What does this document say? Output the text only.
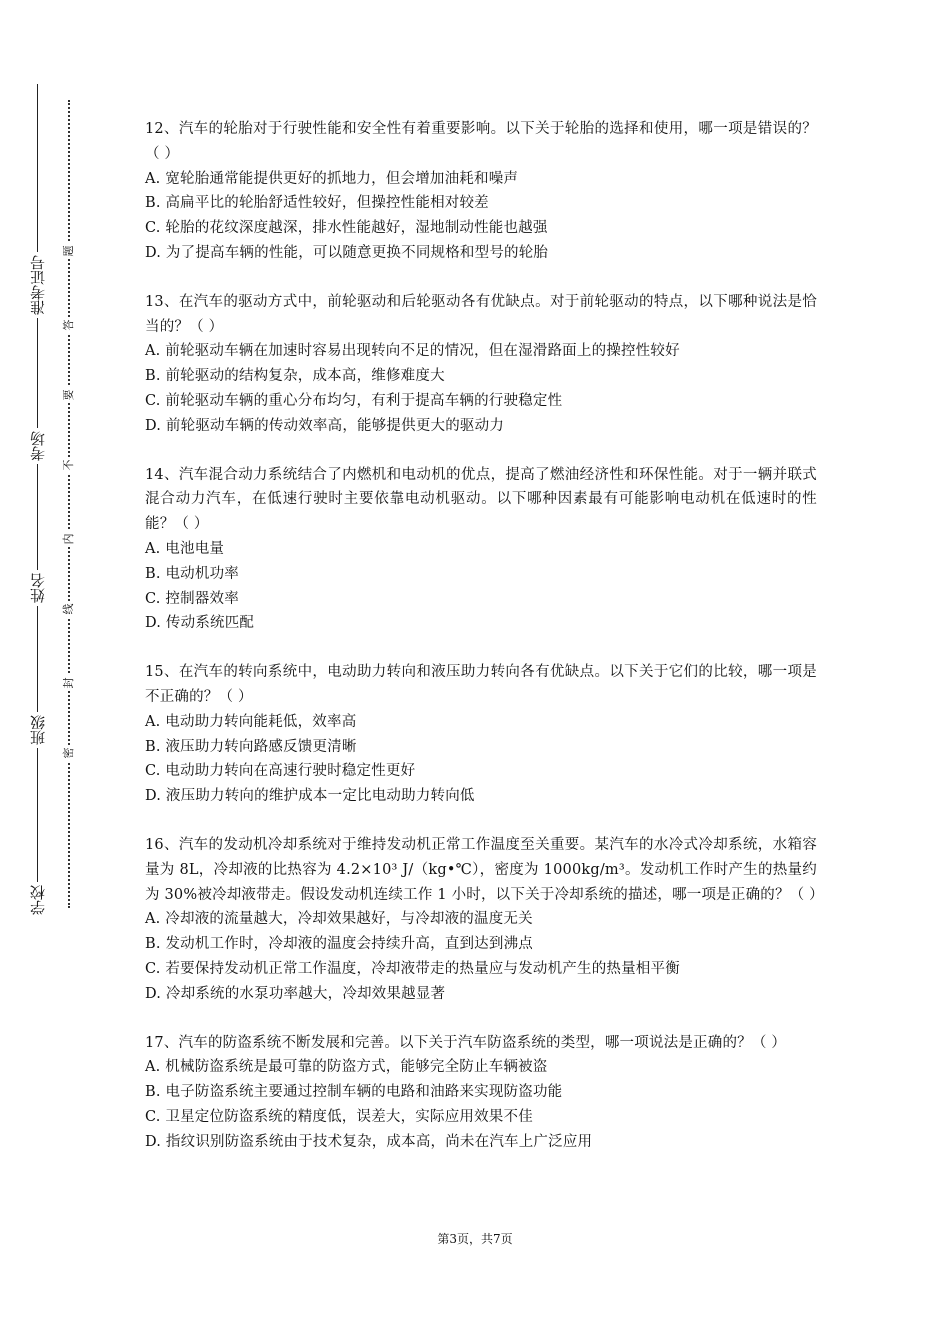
准考证号
考场
姓名
班级
学校
题
答
要
不
内
线
封
密
12、汽车的轮胎对于行驶性能和安全性有着重要影响。以下关于轮胎的选择和使用，哪一项是错误的？（ ）
A. 宽轮胎通常能提供更好的抓地力，但会增加油耗和噪声
B. 高扁平比的轮胎舒适性较好，但操控性能相对较差
C. 轮胎的花纹深度越深，排水性能越好，湿地制动性能也越强
D. 为了提高车辆的性能，可以随意更换不同规格和型号的轮胎
13、在汽车的驱动方式中，前轮驱动和后轮驱动各有优缺点。对于前轮驱动的特点，以下哪种说法是恰当的？（ ）
A. 前轮驱动车辆在加速时容易出现转向不足的情况，但在湿滑路面上的操控性较好
B. 前轮驱动的结构复杂，成本高，维修难度大
C. 前轮驱动车辆的重心分布均匀，有利于提高车辆的行驶稳定性
D. 前轮驱动车辆的传动效率高，能够提供更大的驱动力
14、汽车混合动力系统结合了内燃机和电动机的优点，提高了燃油经济性和环保性能。对于一辆并联式混合动力汽车，在低速行驶时主要依靠电动机驱动。以下哪种因素最有可能影响电动机在低速时的性能？（ ）
A. 电池电量
B. 电动机功率
C. 控制器效率
D. 传动系统匹配
15、在汽车的转向系统中，电动助力转向和液压助力转向各有优缺点。以下关于它们的比较，哪一项是不正确的？（ ）
A. 电动助力转向能耗低，效率高
B. 液压助力转向路感反馈更清晰
C. 电动助力转向在高速行驶时稳定性更好
D. 液压助力转向的维护成本一定比电动助力转向低
16、汽车的发动机冷却系统对于维持发动机正常工作温度至关重要。某汽车的水冷式冷却系统，水箱容量为 8L，冷却液的比热容为 4.2×10³ J/（kg•℃），密度为 1000kg/m³。发动机工作时产生的热量约为 30%被冷却液带走。假设发动机连续工作 1 小时，以下关于冷却系统的描述，哪一项是正确的？（ ）
A. 冷却液的流量越大，冷却效果越好，与冷却液的温度无关
B. 发动机工作时，冷却液的温度会持续升高，直到达到沸点
C. 若要保持发动机正常工作温度，冷却液带走的热量应与发动机产生的热量相平衡
D. 冷却系统的水泵功率越大，冷却效果越显著
17、汽车的防盗系统不断发展和完善。以下关于汽车防盗系统的类型，哪一项说法是正确的？（ ）
A. 机械防盗系统是最可靠的防盗方式，能够完全防止车辆被盗
B. 电子防盗系统主要通过控制车辆的电路和油路来实现防盗功能
C. 卫星定位防盗系统的精度低，误差大，实际应用效果不佳
D. 指纹识别防盗系统由于技术复杂，成本高，尚未在汽车上广泛应用
第3页，共7页
